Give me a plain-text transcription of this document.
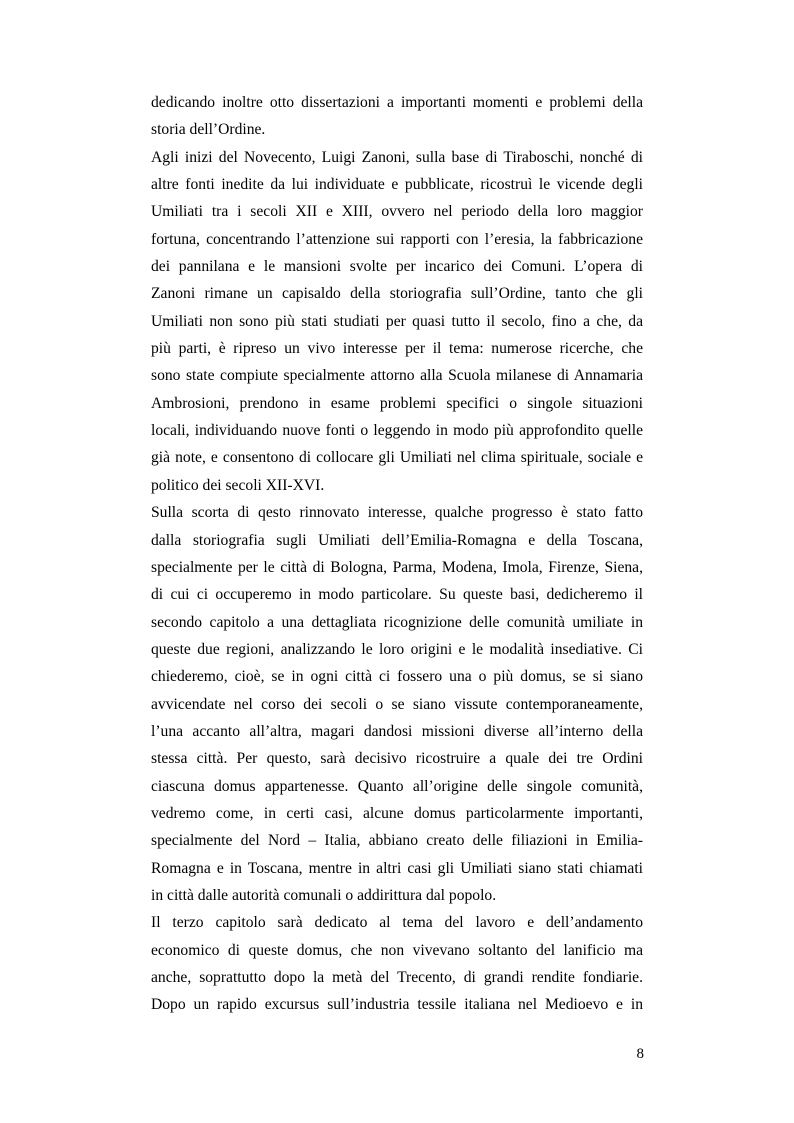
dedicando inoltre otto dissertazioni a importanti momenti e problemi della
storia dell’Ordine.
Agli inizi del Novecento, Luigi Zanoni, sulla base di Tiraboschi, nonché di
altre fonti inedite da lui individuate e pubblicate, ricostruì le vicende degli
Umiliati tra i secoli XII e XIII, ovvero nel periodo della loro maggior
fortuna, concentrando l’attenzione sui rapporti con l’eresia, la fabbricazione
dei pannilana e le mansioni svolte per incarico dei Comuni. L’opera di
Zanoni rimane un capisaldo della storiografia sull’Ordine, tanto che gli
Umiliati non sono più stati studiati per quasi tutto il secolo, fino a che, da
più parti, è ripreso un vivo interesse per il tema: numerose ricerche, che
sono state compiute specialmente attorno alla Scuola milanese di Annamaria
Ambrosioni, prendono in esame problemi specifici o singole situazioni
locali, individuando nuove fonti o leggendo in modo più approfondito quelle
già note, e consentono di collocare gli Umiliati nel clima spirituale, sociale e
politico dei secoli XII-XVI.
Sulla scorta di qesto rinnovato interesse, qualche progresso è stato fatto
dalla storiografia sugli Umiliati dell’Emilia-Romagna e della Toscana,
specialmente per le città di Bologna, Parma, Modena, Imola, Firenze, Siena,
di cui ci occuperemo in modo particolare. Su queste basi, dedicheremo il
secondo capitolo a una dettagliata ricognizione delle comunità umiliate in
queste due regioni, analizzando le loro origini e le modalità insediative. Ci
chiederemo, cioè, se in ogni città ci fossero una o più domus, se si siano
avvicendate nel corso dei secoli o se siano vissute contemporaneamente,
l’una accanto all’altra, magari dandosi missioni diverse all’interno della
stessa città. Per questo, sarà decisivo ricostruire a quale dei tre Ordini
ciascuna domus appartenesse. Quanto all’origine delle singole comunità,
vedremo come, in certi casi, alcune domus particolarmente importanti,
specialmente del Nord – Italia, abbiano creato delle filiazioni in Emilia-
Romagna e in Toscana, mentre in altri casi gli Umiliati siano stati chiamati
in città dalle autorità comunali o addirittura dal popolo.
Il terzo capitolo sarà dedicato al tema del lavoro e dell’andamento
economico di queste domus, che non vivevano soltanto del lanificio ma
anche, soprattutto dopo la metà del Trecento, di grandi rendite fondiarie.
Dopo un rapido excursus sull’industria tessile italiana nel Medioevo e in
8
